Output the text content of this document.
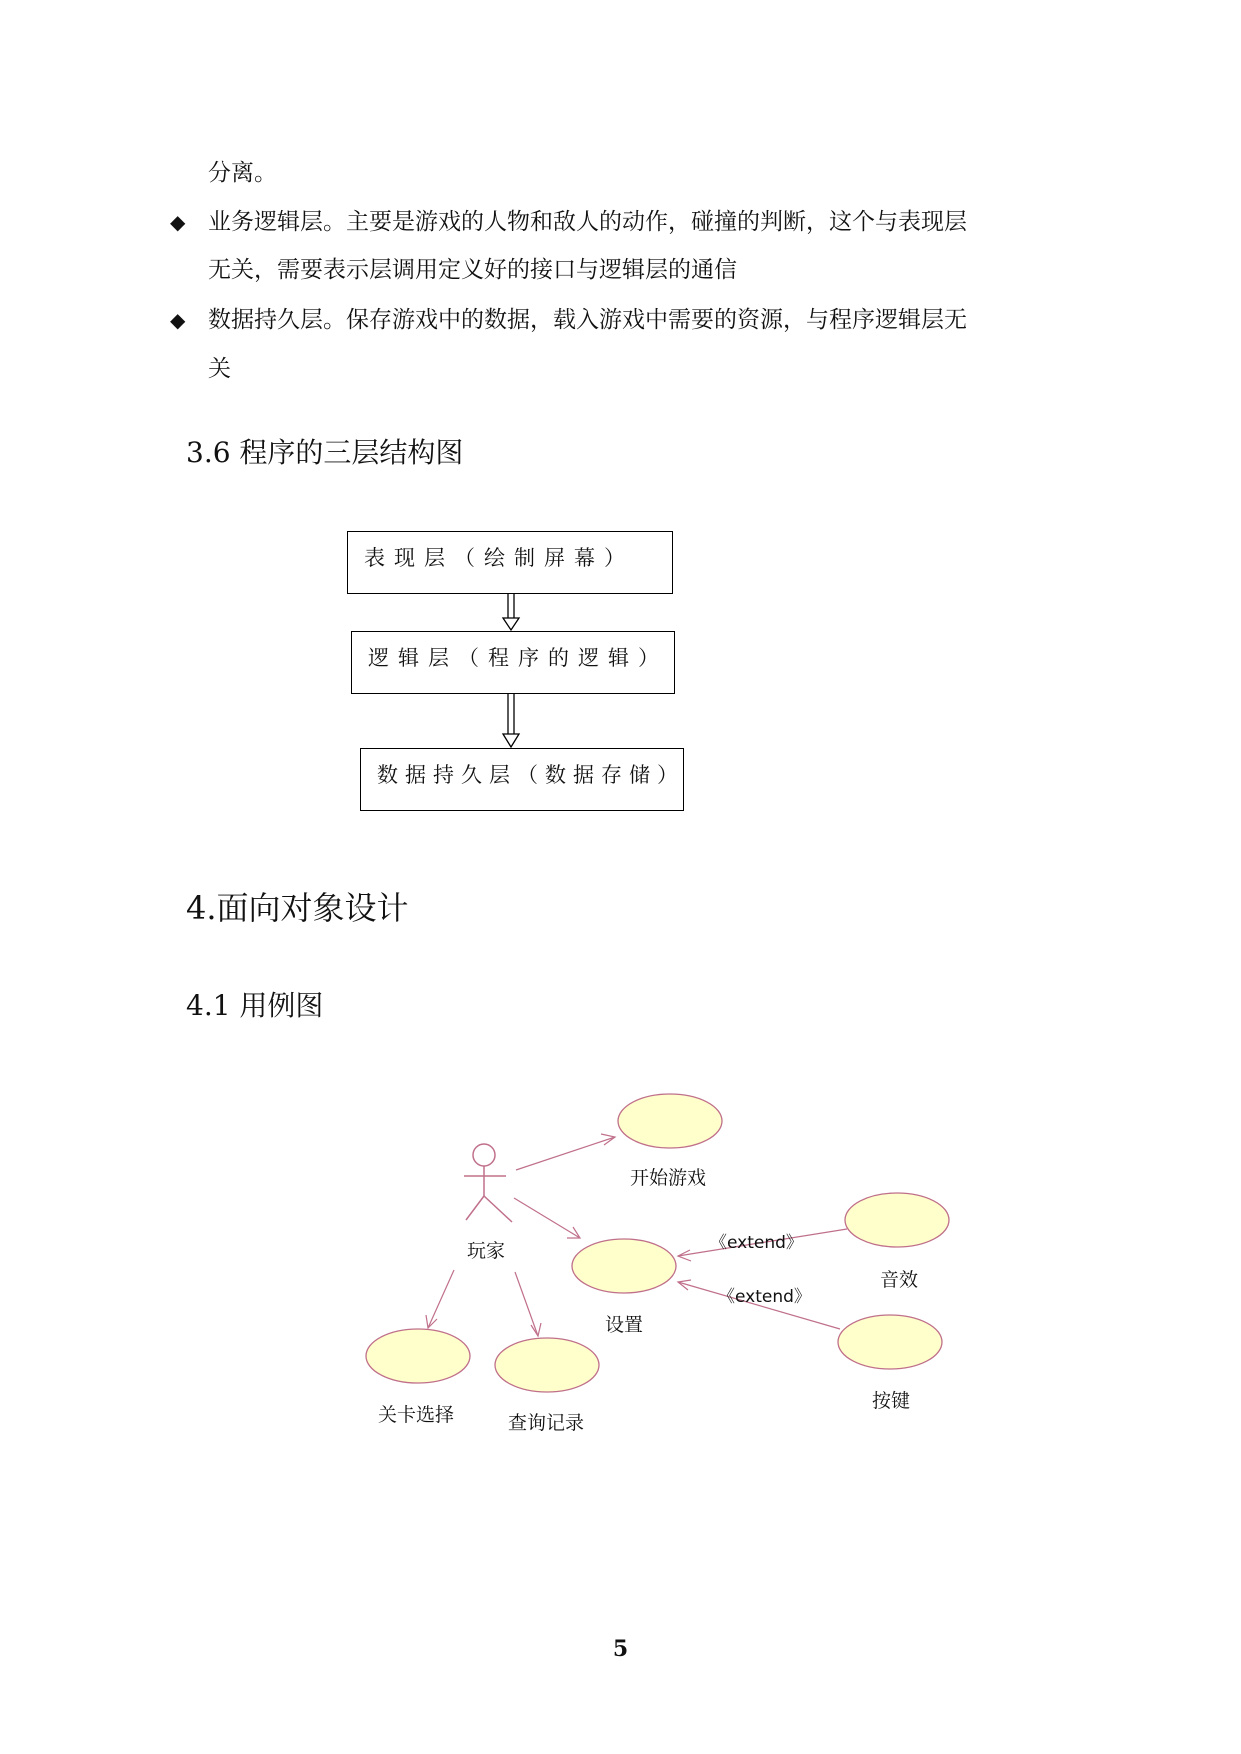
分离。
◆ 业务逻辑层。主要是游戏的人物和敌人的动作，碰撞的判断，这个与表现层
无关，需要表示层调用定义好的接口与逻辑层的通信
◆ 数据持久层。保存游戏中的数据，载入游戏中需要的资源，与程序逻辑层无
关
3.6 程序的三层结构图
表现层（绘制屏幕）
逻辑层（程序的逻辑）
数据持久层（数据存储）
玩家
开始游戏
设置
音效
按键
关卡选择	查询记录
《extend》
《extend》
4.面向对象设计
4.1 用例图
5
